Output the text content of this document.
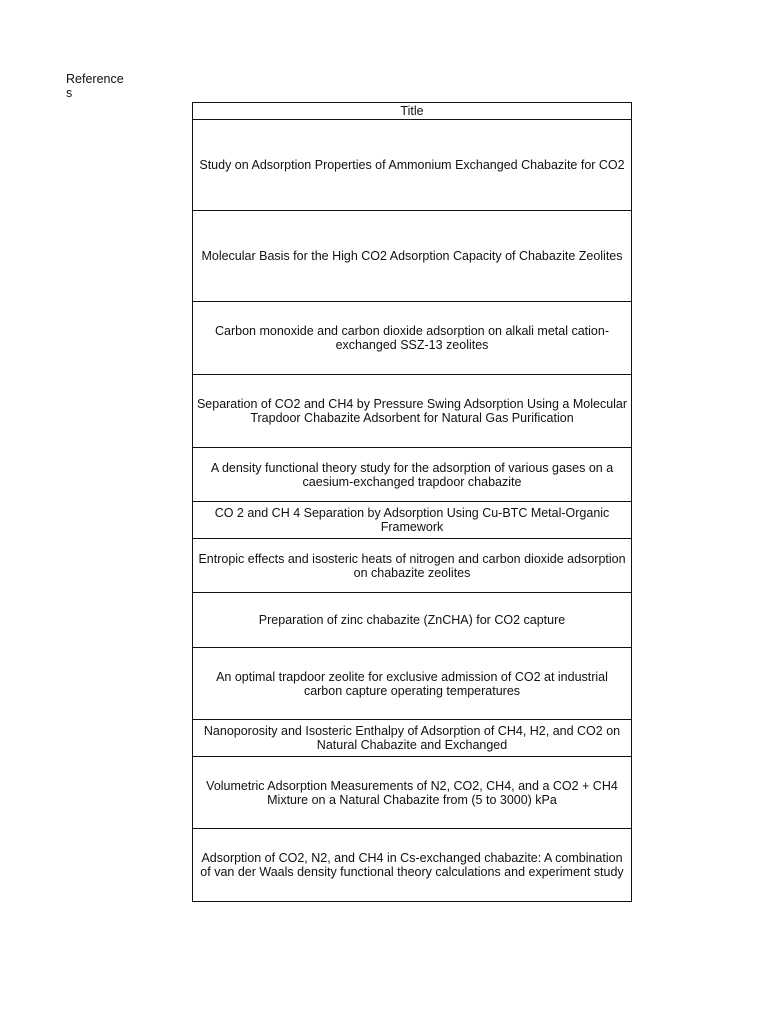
References
Title
Study on Adsorption Properties of Ammonium Exchanged Chabazite for CO2
Molecular Basis for the High CO2 Adsorption Capacity of Chabazite Zeolites
Carbon monoxide and carbon dioxide adsorption on alkali metal cation-exchanged SSZ-13 zeolites
Separation of CO2 and CH4 by Pressure Swing Adsorption Using a Molecular Trapdoor Chabazite Adsorbent for Natural Gas Purification
A density functional theory study for the adsorption of various gases on a caesium-exchanged trapdoor chabazite
CO 2 and CH 4 Separation by Adsorption Using Cu-BTC Metal-Organic Framework
Entropic effects and isosteric heats of nitrogen and carbon dioxide adsorption on chabazite zeolites
Preparation of zinc chabazite (ZnCHA) for CO2 capture
An optimal trapdoor zeolite for exclusive admission of CO2 at industrial carbon capture operating temperatures
Nanoporosity and Isosteric Enthalpy of Adsorption of CH4, H2, and CO2 on Natural Chabazite and Exchanged
Volumetric Adsorption Measurements of N2, CO2, CH4, and a CO2 + CH4 Mixture on a Natural Chabazite from (5 to 3000) kPa
Adsorption of CO2, N2, and CH4 in Cs-exchanged chabazite: A combination of van der Waals density functional theory calculations and experiment study
